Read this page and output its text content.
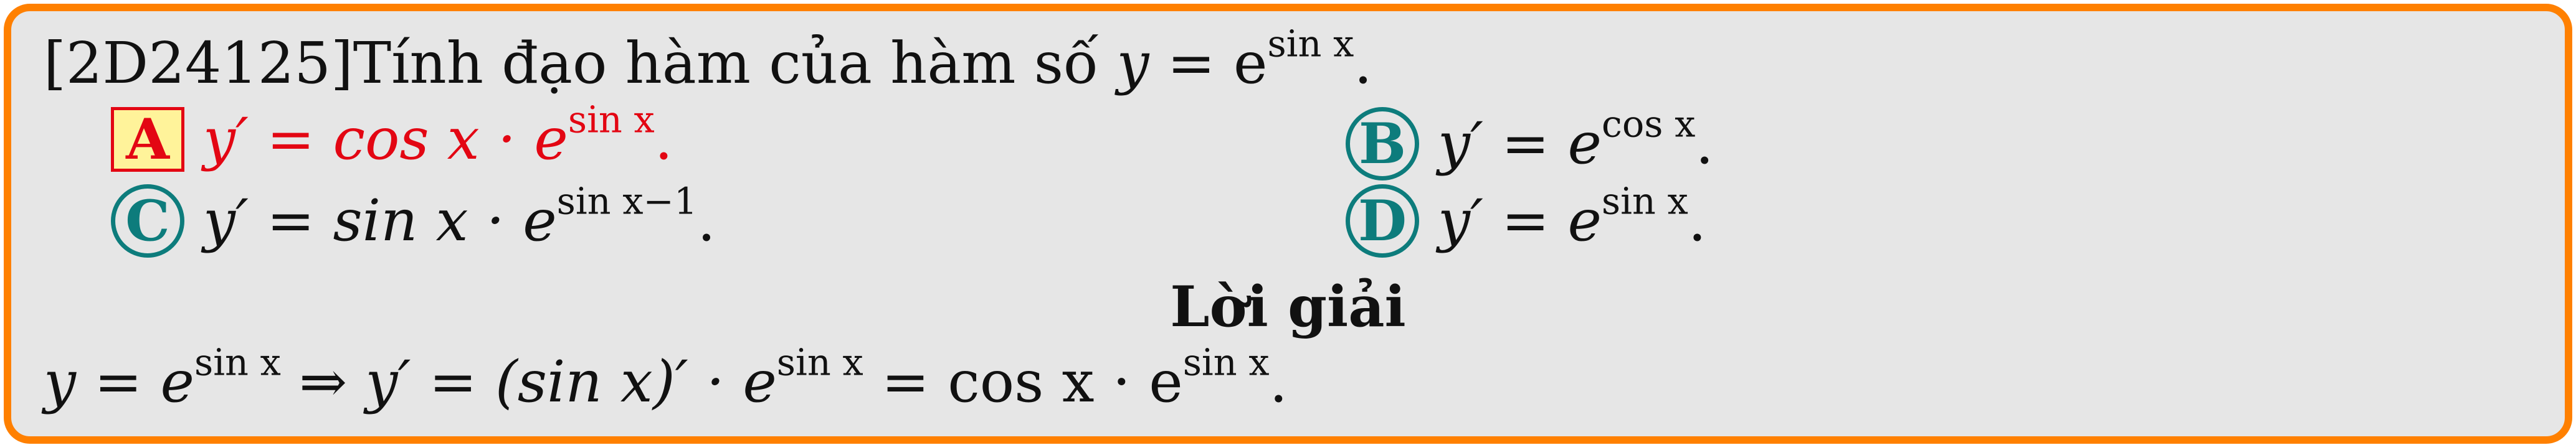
[2D24125]Tính đạo hàm của hàm số $y = e^{sin x}$.
A $y' = \cos x \cdot e^{sin x}$.	B $y' = e^{cos x}$.
C $y' = \sin x \cdot e^{sin x-1}$.	D $y' = e^{sin x}$.
Lời giải
$y = e^{sin x}$ ⇒ y′ = (sin $x)' \cdot e^{sin x} = \cos x \cdot e^{sin x}$.
